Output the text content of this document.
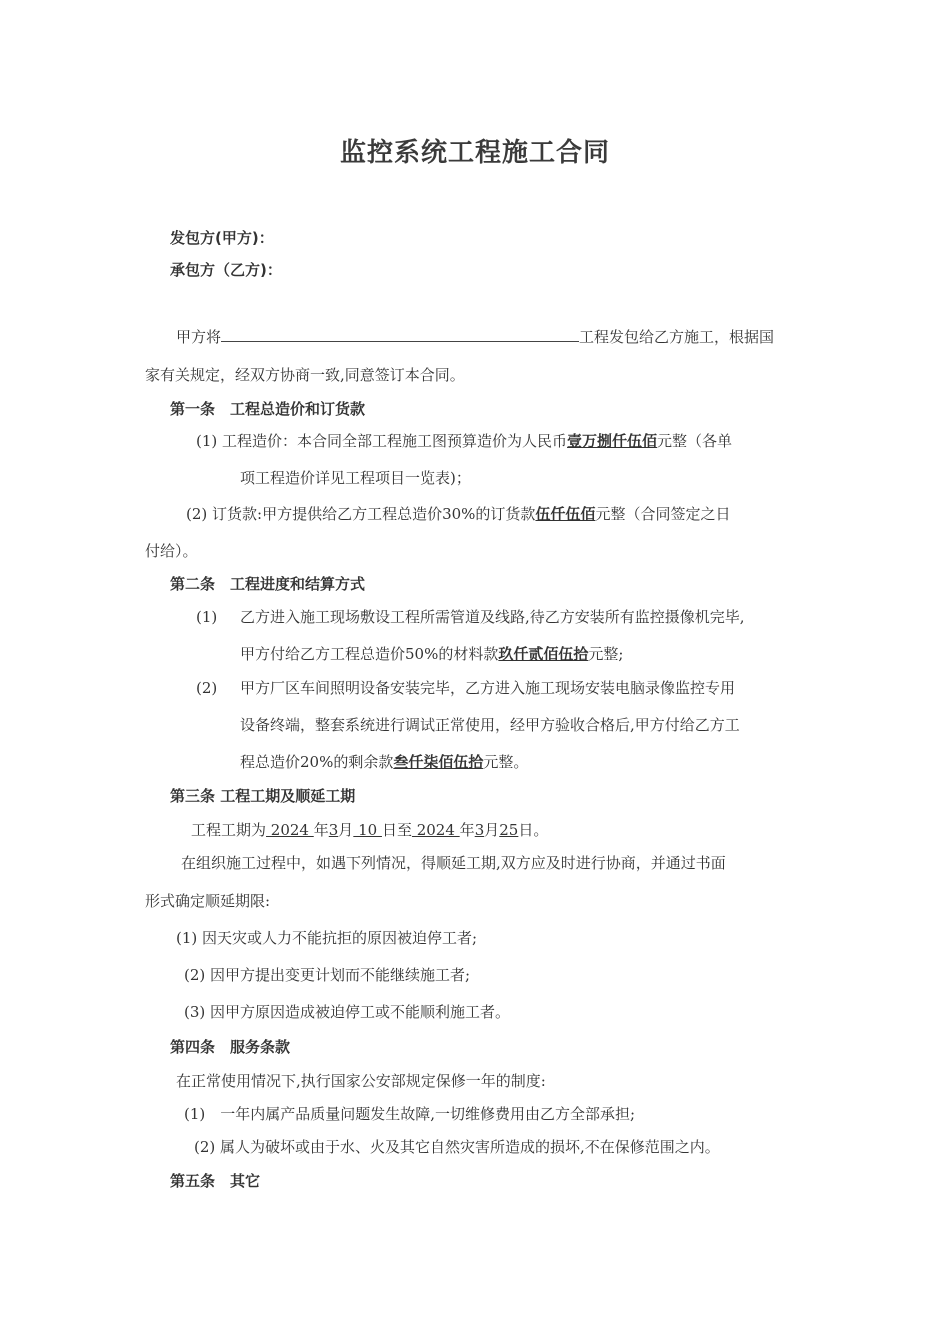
监控系统工程施工合同
发包方(甲方)：
承包方（乙方)：
甲方将	工程发包给乙方施工，根据国
家有关规定，经双方协商一致,同意签订本合同。
第一条　工程总造价和订货款
(1) 工程造价：本合同全部工程施工图预算造价为人民币壹万捌仟伍佰元整（各单
项工程造价详见工程项目一览表)；
(2) 订货款:甲方提供给乙方工程总造价30%的订货款伍仟伍佰元整（合同签定之日
付给）。
第二条　工程进度和结算方式
(1) 乙方进入施工现场敷设工程所需管道及线路,待乙方安装所有监控摄像机完毕,
甲方付给乙方工程总造价50%的材料款玖仟贰佰伍拾元整;
(2) 甲方厂区车间照明设备安装完毕，乙方进入施工现场安装电脑录像监控专用
设备终端，整套系统进行调试正常使用，经甲方验收合格后,甲方付给乙方工
程总造价20%的剩余款叁仟柒佰伍拾元整。
第三条 工程工期及顺延工期
工程工期为 2024 年3月 10 日至 2024 年3月25日。
在组织施工过程中，如遇下列情况，得顺延工期,双方应及时进行协商，并通过书面
形式确定顺延期限:
(1) 因天灾或人力不能抗拒的原因被迫停工者;
(2) 因甲方提出变更计划而不能继续施工者;
(3) 因甲方原因造成被迫停工或不能顺利施工者。
第四条　服务条款
在正常使用情况下,执行国家公安部规定保修一年的制度:
(1)　一年内属产品质量问题发生故障,一切维修费用由乙方全部承担;
(2) 属人为破坏或由于水、火及其它自然灾害所造成的损坏,不在保修范围之内。
第五条　其它
